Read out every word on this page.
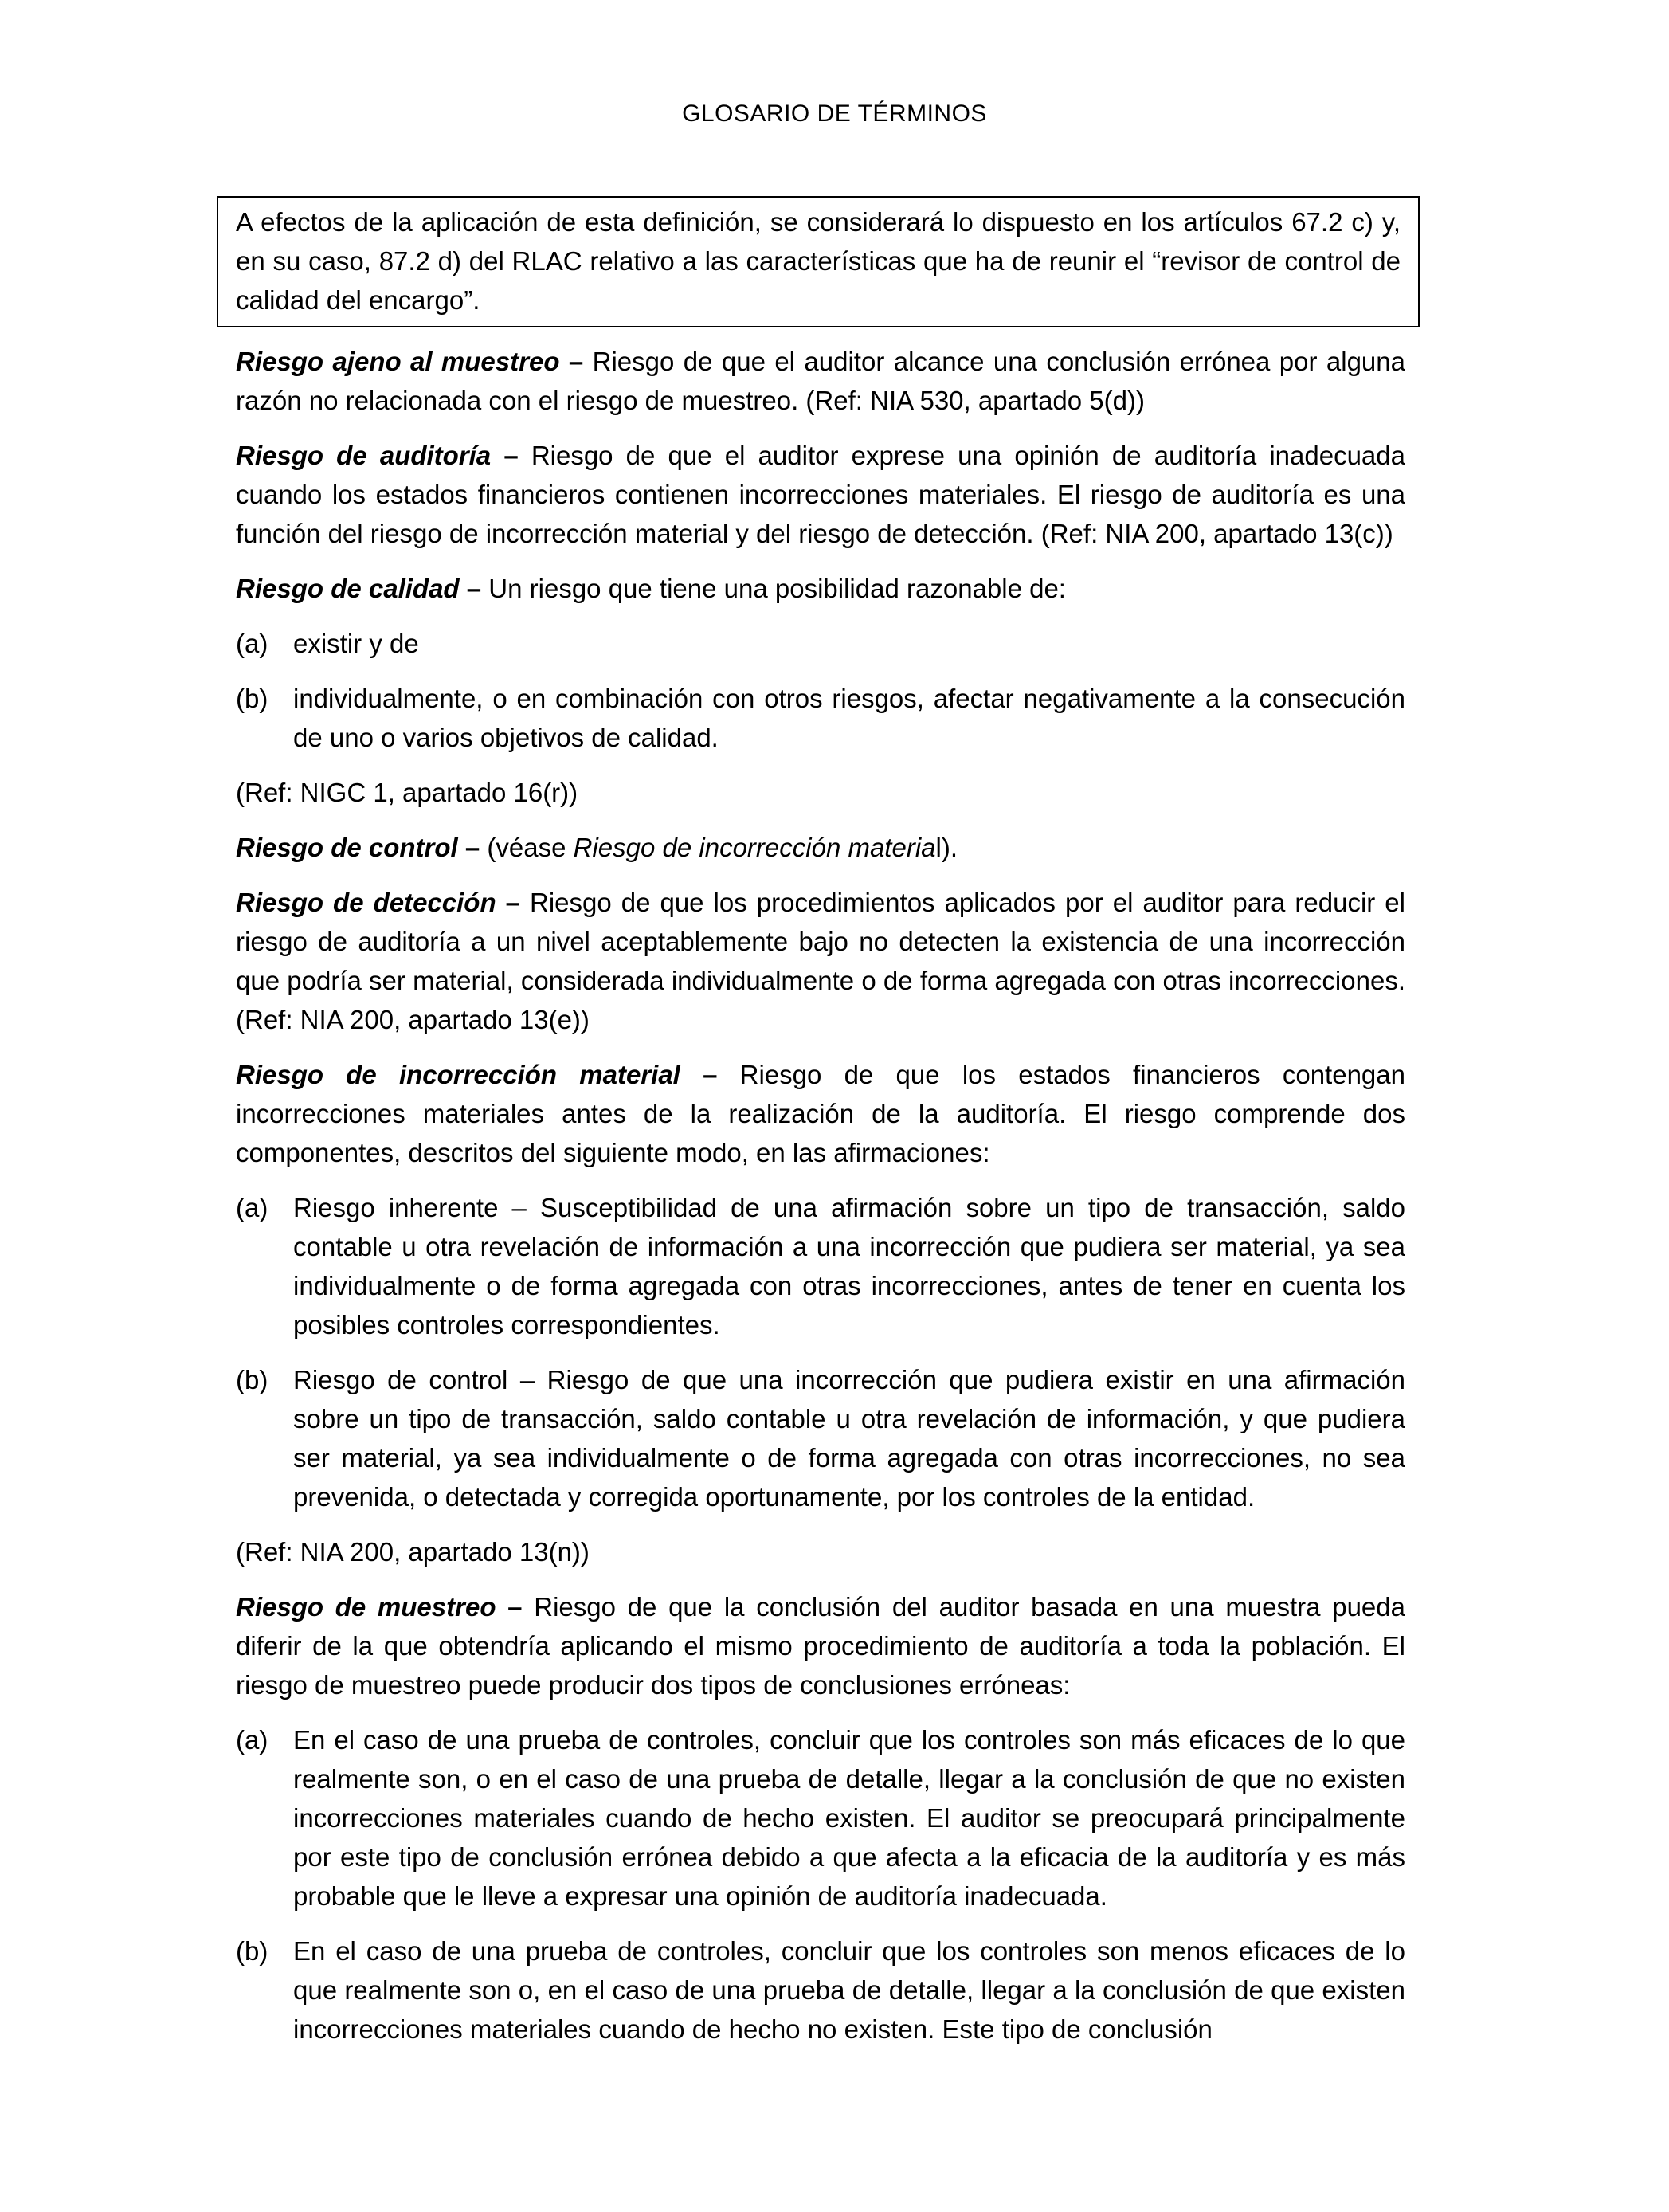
GLOSARIO DE TÉRMINOS
A efectos de la aplicación de esta definición, se considerará lo dispuesto en los artículos 67.2 c) y, en su caso, 87.2 d) del RLAC relativo a las características que ha de reunir el “revisor de control de calidad del encargo”.

Riesgo ajeno al muestreo – Riesgo de que el auditor alcance una conclusión errónea por alguna razón no relacionada con el riesgo de muestreo. (Ref: NIA 530, apartado 5(d))

Riesgo de auditoría – Riesgo de que el auditor exprese una opinión de auditoría inadecuada cuando los estados financieros contienen incorrecciones materiales. El riesgo de auditoría es una función del riesgo de incorrección material y del riesgo de detección. (Ref: NIA 200, apartado 13(c))

Riesgo de calidad – Un riesgo que tiene una posibilidad razonable de:

(a) existir y de
(b) individualmente, o en combinación con otros riesgos, afectar negativamente a la consecución de uno o varios objetivos de calidad.

(Ref: NIGC 1, apartado 16(r))

Riesgo de control – (véase Riesgo de incorrección material).

Riesgo de detección – Riesgo de que los procedimientos aplicados por el auditor para reducir el riesgo de auditoría a un nivel aceptablemente bajo no detecten la existencia de una incorrección que podría ser material, considerada individualmente o de forma agregada con otras incorrecciones. (Ref: NIA 200, apartado 13(e))

Riesgo de incorrección material – Riesgo de que los estados financieros contengan incorrecciones materiales antes de la realización de la auditoría. El riesgo comprende dos componentes, descritos del siguiente modo, en las afirmaciones:

(a) Riesgo inherente – Susceptibilidad de una afirmación sobre un tipo de transacción, saldo contable u otra revelación de información a una incorrección que pudiera ser material, ya sea individualmente o de forma agregada con otras incorrecciones, antes de tener en cuenta los posibles controles correspondientes.
(b) Riesgo de control – Riesgo de que una incorrección que pudiera existir en una afirmación sobre un tipo de transacción, saldo contable u otra revelación de información, y que pudiera ser material, ya sea individualmente o de forma agregada con otras incorrecciones, no sea prevenida, o detectada y corregida oportunamente, por los controles de la entidad.

(Ref: NIA 200, apartado 13(n))

Riesgo de muestreo – Riesgo de que la conclusión del auditor basada en una muestra pueda diferir de la que obtendría aplicando el mismo procedimiento de auditoría a toda la población. El riesgo de muestreo puede producir dos tipos de conclusiones erróneas:

(a) En el caso de una prueba de controles, concluir que los controles son más eficaces de lo que realmente son, o en el caso de una prueba de detalle, llegar a la conclusión de que no existen incorrecciones materiales cuando de hecho existen. El auditor se preocupará principalmente por este tipo de conclusión errónea debido a que afecta a la eficacia de la auditoría y es más probable que le lleve a expresar una opinión de auditoría inadecuada.
(b) En el caso de una prueba de controles, concluir que los controles son menos eficaces de lo que realmente son o, en el caso de una prueba de detalle, llegar a la conclusión de que existen incorrecciones materiales cuando de hecho no existen. Este tipo de conclusión
